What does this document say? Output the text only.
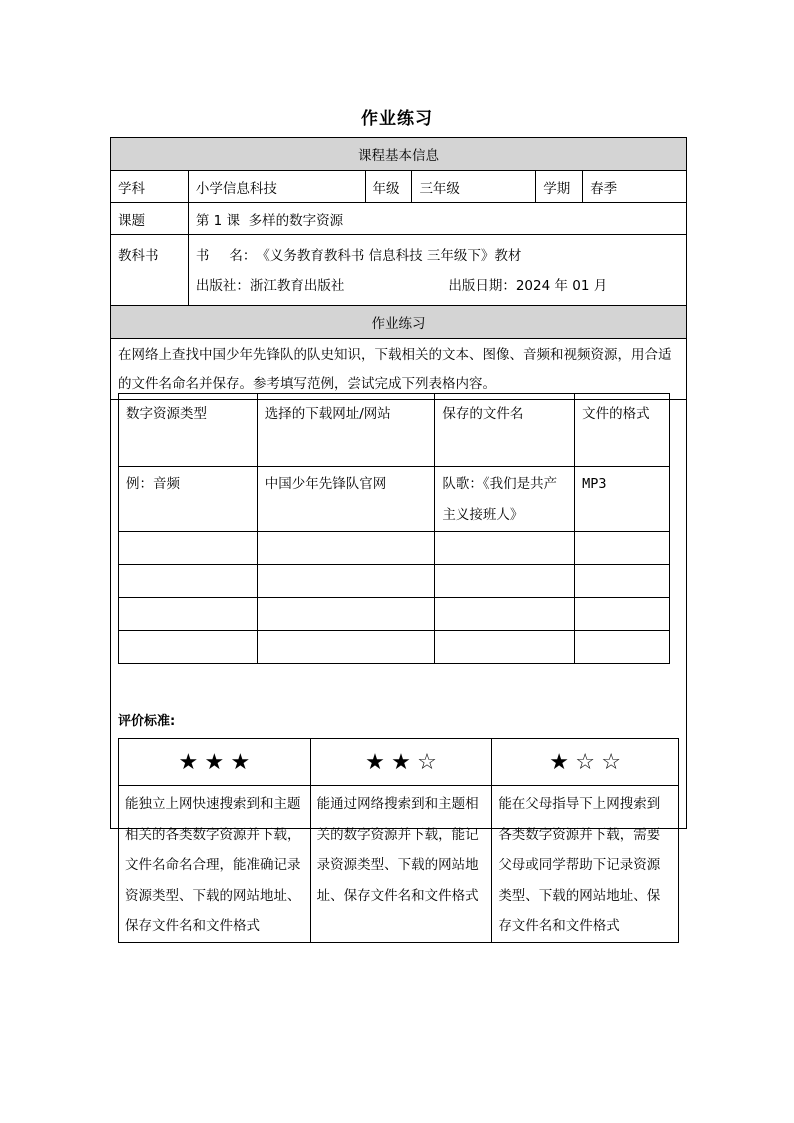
作业练习
课程基本信息					
学科	小学信息科技	年级	三年级	学期	春季
课题	第 1 课  多样的数字资源				
教科书	书 名： 《义务教育教科书 信息科技 三年级下》教材
出版社：浙江教育出版社 出版日期：2024 年 01 月				

作业练习					
在网络上查找中国少年先锋队的队史知识，下载相关的文本、图像、音频和视频资源，用合适的文件名命名并保存。参考填写范例，尝试完成下列表格内容。					

数字资源类型	选择的下载网址/网站	保存的文件名	文件的格式
例：音频	中国少年先锋队官网	队歌：《我们是共产主义接班人》	MP3

评价标准:
★ ★ ★	★ ★ ☆	★ ☆ ☆
能独立上网快速搜索到和主题相关的各类数字资源并下载，文件名命名合理，能准确记录资源类型、下载的网站地址、保存文件名和文件格式	能通过网络搜索到和主题相关的数字资源并下载，能记录资源类型、下载的网站地址、保存文件名和文件格式	能在父母指导下上网搜索到各类数字资源并下载，需要父母或同学帮助下记录资源类型、下载的网站地址、保存文件名和文件格式
